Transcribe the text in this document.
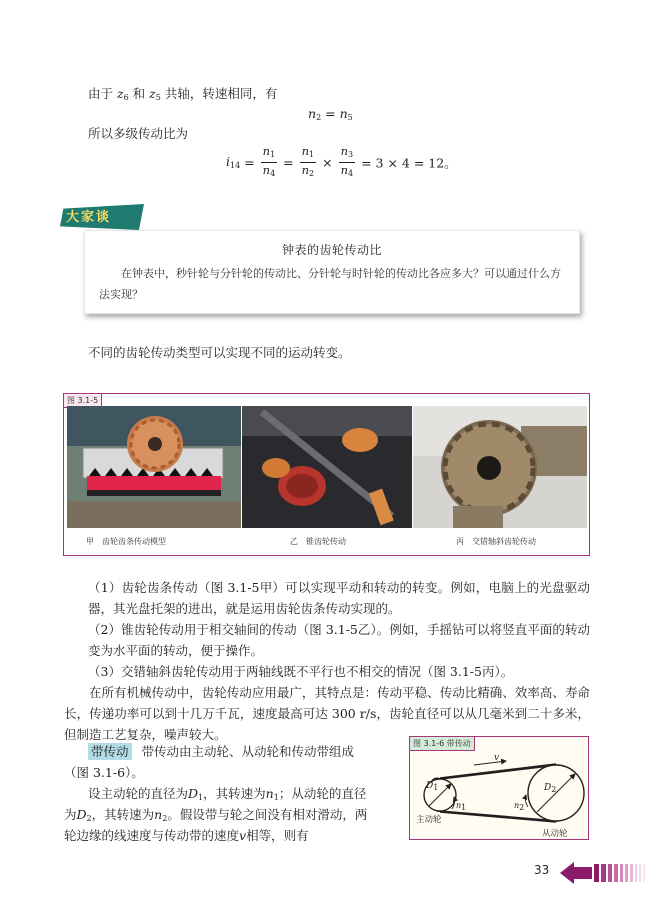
由于 $z_6$ 和 $z_5$ 共轴，转速相同，有
$n_2 = n_5$
所以多级传动比为
$i_{14} = \frac{n_1}{n_4} = \frac{n_1}{n_2} \times \frac{n_3}{n_4} = 3 \times 4 = 12$。
钟表的齿轮传动比
在钟表中，秒针轮与分针轮的传动比、分针轮与时针轮的传动比各应多大？可以通过什么方法实现？
大家谈
不同的齿轮传动类型可以实现不同的运动转变。
图 3.1-5
甲　齿轮齿条传动模型	乙　锥齿轮传动	丙　交错轴斜齿轮传动
（1）齿轮齿条传动（图 3.1-5甲）可以实现平动和转动的转变。例如，电脑上的光盘驱动器，其光盘托架的进出，就是运用齿轮齿条传动实现的。
（2）锥齿轮传动用于相交轴间的传动（图 3.1-5乙）。例如，手摇钻可以将竖直平面的转动变为水平面的转动，便于操作。
（3）交错轴斜齿轮传动用于两轴线既不平行也不相交的情况（图 3.1-5丙）。
在所有机械传动中，齿轮传动应用最广，其特点是：传动平稳、传动比精确、效率高、寿命长，传递功率可以到十几万千瓦，速度最高可达 300 r/s，齿轮直径可以从几毫米到二十多米，但制造工艺复杂，噪声较大。
带传动 带传动由主动轮、从动轮和传动带组成
（图 3.1-6）。
设主动轮的直径为$D_1$，其转速为$n_1$；从动轮的直径
为$D_2$，其转速为$n_2$。假设带与轮之间没有相对滑动，两
轮边缘的线速度与传动带的速度v相等，则有
图 3.1-6 带传动
v
$D_1$	$D_2$
$n_1$	$n_2$
主动轮
从动轮
33
